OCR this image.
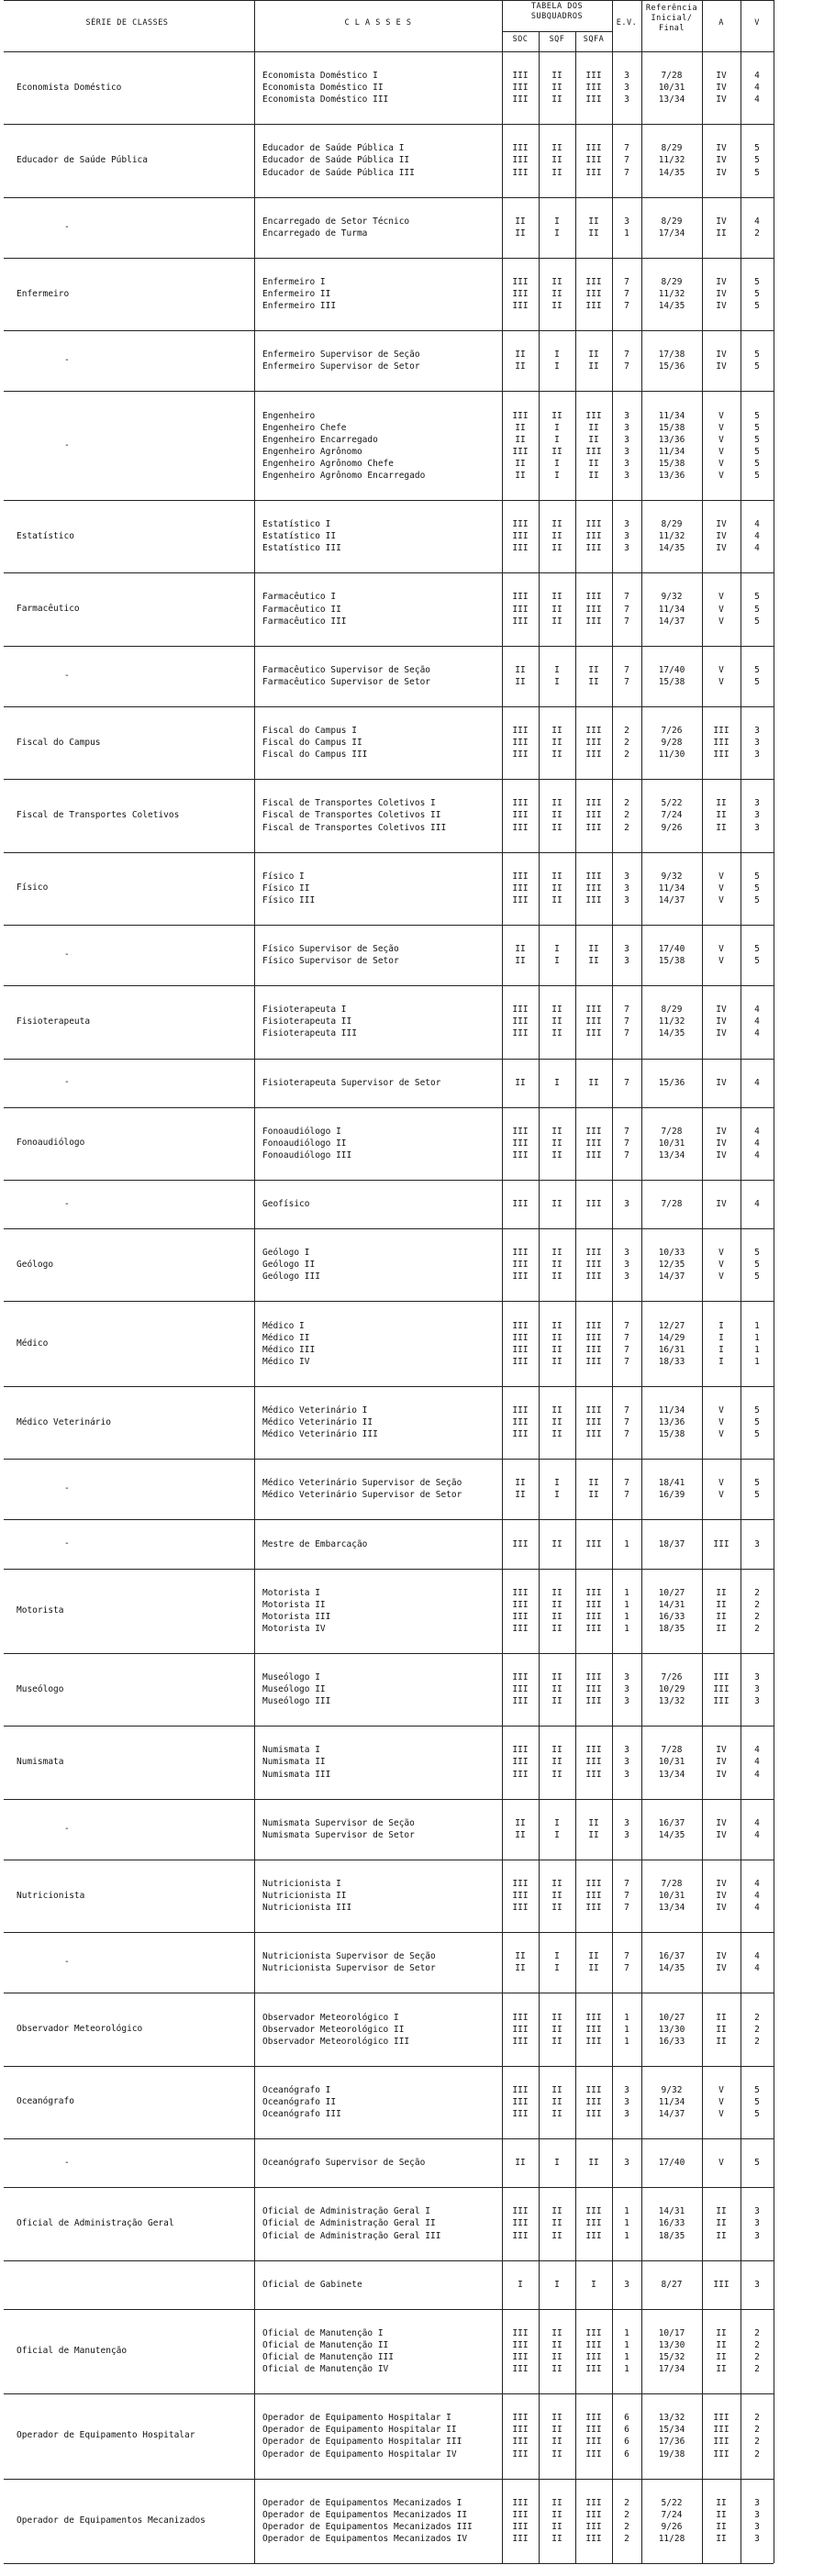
SÉRIE DE CLASSES	C L A S S E S
TABELA DOS
SUBQUADROS
SOC	SQF	SQFA
E.V.
Referência
Inicial/
Final
A	V
Economista Doméstico
Economista Doméstico I	III	II	III	3	7/28	IV	4
Economista Doméstico II	III	II	III	3	10/31	IV	4
Economista Doméstico III	III	II	III	3	13/34	IV	4
Educador de Saúde Pública
Educador de Saúde Pública I	III	II	III	7	8/29	IV	5
Educador de Saúde Pública II	III	II	III	7	11/32	IV	5
Educador de Saúde Pública III	III	II	III	7	14/35	IV	5
-
Encarregado de Setor Técnico	II	I	II	3	8/29	IV	4
Encarregado de Turma	II	I	II	1	17/34	II	2
Enfermeiro
Enfermeiro I	III	II	III	7	8/29	IV	5
Enfermeiro II	III	II	III	7	11/32	IV	5
Enfermeiro III	III	II	III	7	14/35	IV	5
-
Enfermeiro Supervisor de Seção	II	I	II	7	17/38	IV	5
Enfermeiro Supervisor de Setor	II	I	II	7	15/36	IV	5
-
Engenheiro	III	II	III	3	11/34	V	5
Engenheiro Chefe	II	I	II	3	15/38	V	5
Engenheiro Encarregado	II	I	II	3	13/36	V	5
Engenheiro Agrônomo	III	II	III	3	11/34	V	5
Engenheiro Agrônomo Chefe	II	I	II	3	15/38	V	5
Engenheiro Agrônomo Encarregado	II	I	II	3	13/36	V	5
Estatístico
Estatístico I	III	II	III	3	8/29	IV	4
Estatístico II	III	II	III	3	11/32	IV	4
Estatístico III	III	II	III	3	14/35	IV	4
Farmacêutico
Farmacêutico I	III	II	III	7	9/32	V	5
Farmacêutico II	III	II	III	7	11/34	V	5
Farmacêutico III	III	II	III	7	14/37	V	5
-
Farmacêutico Supervisor de Seção	II	I	II	7	17/40	V	5
Farmacêutico Supervisor de Setor	II	I	II	7	15/38	V	5
Fiscal do Campus
Fiscal do Campus I	III	II	III	2	7/26	III	3
Fiscal do Campus II	III	II	III	2	9/28	III	3
Fiscal do Campus III	III	II	III	2	11/30	III	3
Fiscal de Transportes Coletivos
Fiscal de Transportes Coletivos I	III	II	III	2	5/22	II	3
Fiscal de Transportes Coletivos II	III	II	III	2	7/24	II	3
Fiscal de Transportes Coletivos III	III	II	III	2	9/26	II	3
Físico
Físico I	III	II	III	3	9/32	V	5
Físico II	III	II	III	3	11/34	V	5
Físico III	III	II	III	3	14/37	V	5
-
Físico Supervisor de Seção	II	I	II	3	17/40	V	5
Físico Supervisor de Setor	II	I	II	3	15/38	V	5
Fisioterapeuta
Fisioterapeuta I	III	II	III	7	8/29	IV	4
Fisioterapeuta II	III	II	III	7	11/32	IV	4
Fisioterapeuta III	III	II	III	7	14/35	IV	4
-	Fisioterapeuta Supervisor de Setor	II	I	II	7	15/36	IV	4
Fonoaudiólogo
Fonoaudiólogo I	III	II	III	7	7/28	IV	4
Fonoaudiólogo II	III	II	III	7	10/31	IV	4
Fonoaudiólogo III	III	II	III	7	13/34	IV	4
-	Geofísico	III	II	III	3	7/28	IV	4
Geólogo
Geólogo I	III	II	III	3	10/33	V	5
Geólogo II	III	II	III	3	12/35	V	5
Geólogo III	III	II	III	3	14/37	V	5
Médico
Médico I	III	II	III	7	12/27	I	1
Médico II	III	II	III	7	14/29	I	1
Médico III	III	II	III	7	16/31	I	1
Médico IV	III	II	III	7	18/33	I	1
Médico Veterinário
Médico Veterinário I	III	II	III	7	11/34	V	5
Médico Veterinário II	III	II	III	7	13/36	V	5
Médico Veterinário III	III	II	III	7	15/38	V	5
-
Médico Veterinário Supervisor de Seção	II	I	II	7	18/41	V	5
Médico Veterinário Supervisor de Setor	II	I	II	7	16/39	V	5
-	Mestre de Embarcação	III	II	III	1	18/37	III	3
Motorista
Motorista I	III	II	III	1	10/27	II	2
Motorista II	III	II	III	1	14/31	II	2
Motorista III	III	II	III	1	16/33	II	2
Motorista IV	III	II	III	1	18/35	II	2
Museólogo
Museólogo I	III	II	III	3	7/26	III	3
Museólogo II	III	II	III	3	10/29	III	3
Museólogo III	III	II	III	3	13/32	III	3
Numismata
Numismata I	III	II	III	3	7/28	IV	4
Numismata II	III	II	III	3	10/31	IV	4
Numismata III	III	II	III	3	13/34	IV	4
-
Numismata Supervisor de Seção	II	I	II	3	16/37	IV	4
Numismata Supervisor de Setor	II	I	II	3	14/35	IV	4
Nutricionista
Nutricionista I	III	II	III	7	7/28	IV	4
Nutricionista II	III	II	III	7	10/31	IV	4
Nutricionista III	III	II	III	7	13/34	IV	4
-
Nutricionista Supervisor de Seção	II	I	II	7	16/37	IV	4
Nutricionista Supervisor de Setor	II	I	II	7	14/35	IV	4
Observador Meteorológico
Observador Meteorológico I	III	II	III	1	10/27	II	2
Observador Meteorológico II	III	II	III	1	13/30	II	2
Observador Meteorológico III	III	II	III	1	16/33	II	2
Oceanógrafo
Oceanógrafo I	III	II	III	3	9/32	V	5
Oceanógrafo II	III	II	III	3	11/34	V	5
Oceanógrafo III	III	II	III	3	14/37	V	5
-	Oceanógrafo Supervisor de Seção	II	I	II	3	17/40	V	5
Oficial de Administração Geral
Oficial de Administração Geral I	III	II	III	1	14/31	II	3
Oficial de Administração Geral II	III	II	III	1	16/33	II	3
Oficial de Administração Geral III	III	II	III	1	18/35	II	3
Oficial de Gabinete	I	I	I	3	8/27	III	3
Oficial de Manutenção
Oficial de Manutenção I	III	II	III	1	10/17	II	2
Oficial de Manutenção II	III	II	III	1	13/30	II	2
Oficial de Manutenção III	III	II	III	1	15/32	II	2
Oficial de Manutenção IV	III	II	III	1	17/34	II	2
Operador de Equipamento Hospitalar
Operador de Equipamento Hospitalar I	III	II	III	6	13/32	III	2
Operador de Equipamento Hospitalar II	III	II	III	6	15/34	III	2
Operador de Equipamento Hospitalar III	III	II	III	6	17/36	III	2
Operador de Equipamento Hospitalar IV	III	II	III	6	19/38	III	2
Operador de Equipamentos Mecanizados
Operador de Equipamentos Mecanizados I	III	II	III	2	5/22	II	3
Operador de Equipamentos Mecanizados II	III	II	III	2	7/24	II	3
Operador de Equipamentos Mecanizados III	III	II	III	2	9/26	II	3
Operador de Equipamentos Mecanizados IV	III	II	III	2	11/28	II	3
